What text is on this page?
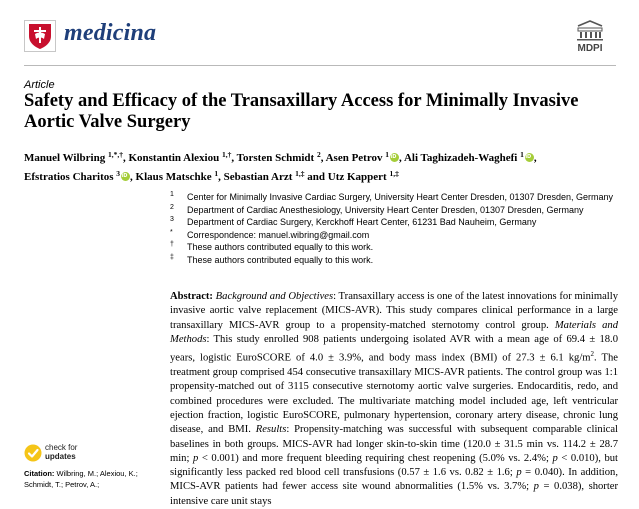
medicina
MDPI
Article
Safety and Efficacy of the Transaxillary Access for Minimally Invasive Aortic Valve Surgery
Manuel Wilbring $^{1,*,\dagger}$, Konstantin Alexiou $^{1,\dagger}$, Torsten Schmidt $^2$, Asen Petrov $^1$ iD , Ali Taghizadeh-Waghefi $^1$ iD ,
Efstratios Charitos $^3$ iD , Klaus Matschke $^1$, Sebastian Arzt $^{1,\ddagger}$ and Utz Kappert $^{1,\ddagger}$
1 Center for Minimally Invasive Cardiac Surgery, University Heart Center Dresden, 01307 Dresden, Germany
2 Department of Cardiac Anesthesiology, University Heart Center Dresden, 01307 Dresden, Germany
3 Department of Cardiac Surgery, Kerckhoff Heart Center, 61231 Bad Nauheim, Germany
* Correspondence: manuel.wibring@gmail.com
† These authors contributed equally to this work.
‡ These authors contributed equally to this work.
Abstract: Background and Objectives: Transaxillary access is one of the latest innovations for minimally invasive aortic valve replacement (MICS-AVR). This study compares clinical performance in a large transaxillary MICS-AVR group to a propensity-matched sternotomy control group. Materials and Methods: This study enrolled 908 patients undergoing isolated AVR with a mean age of 69.4 ± 18.0 years, logistic EuroSCORE of 4.0 ± 3.9%, and body mass index (BMI) of 27.3 ± 6.1 $kg/m^2$. The treatment group comprised 454 consecutive transaxillary MICS-AVR patients. The control group was 1:1 propensity-matched out of 3115 consecutive sternotomy aortic valve surgeries. Endocarditis, redo, and combined procedures were excluded. The multivariate matching model included age, left ventricular ejection fraction, logistic EuroSCORE, pulmonary hypertension, coronary artery disease, chronic lung disease, and BMI. Results: Propensity-matching was successful with subsequent comparable clinical baselines in both groups. MICS-AVR had longer skin-to-skin time (120.0 ± 31.5 min vs. 114.2 ± 28.7 min; p < 0.001) and more frequent bleeding requiring chest reopening (5.0% vs. 2.4%; p < 0.010), but significantly less packed red blood cell transfusions (0.57 ± 1.6 vs. 0.82 ± 1.6; p = 0.040). In addition, MICS-AVR patients had fewer access site wound abnormalities (1.5% vs. 3.7%; p = 0.038), shorter intensive care unit stays
check for
updates
Citation: Wilbring, M.; Alexiou, K.;
Schmidt, T.; Petrov, A.;
